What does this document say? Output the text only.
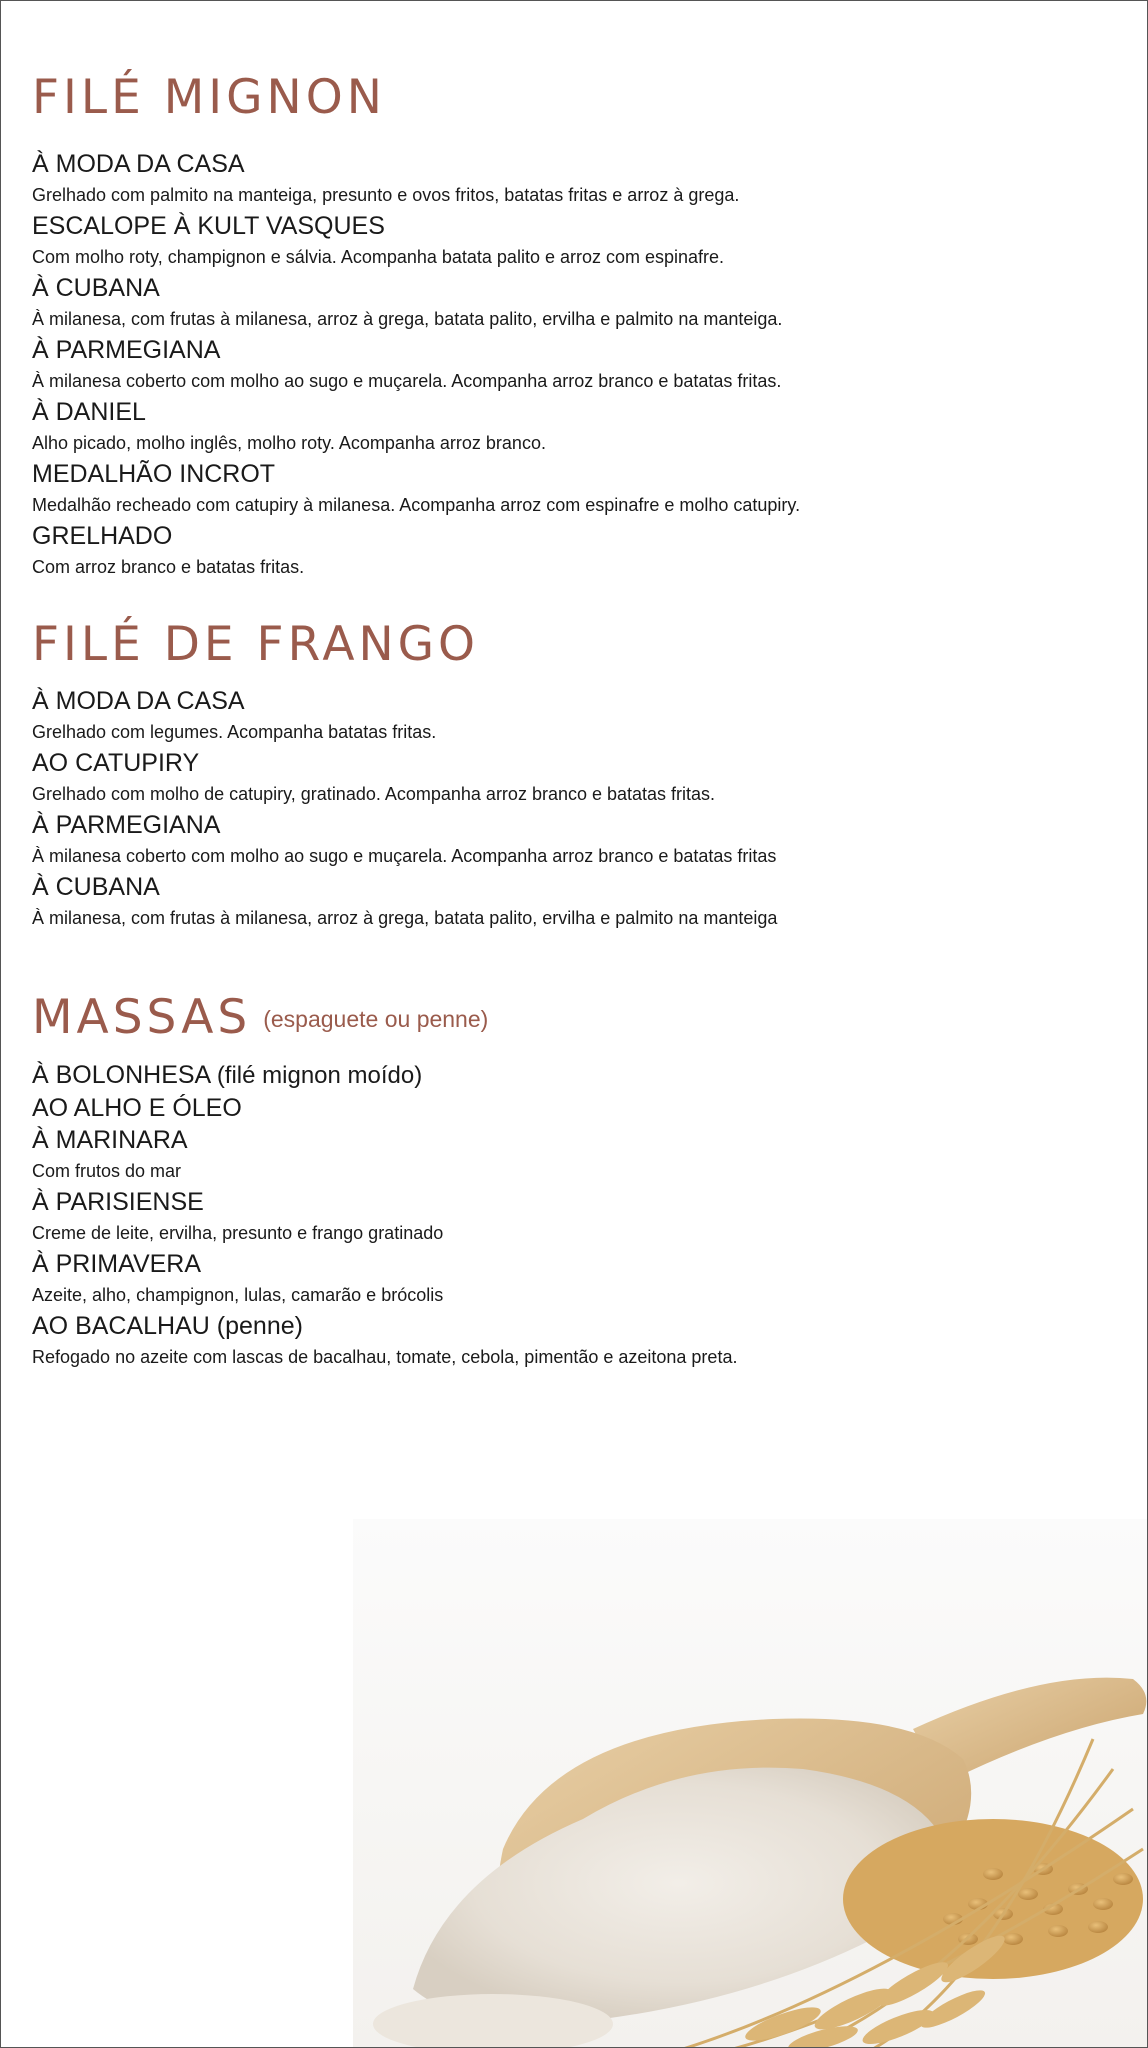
FILÉ MIGNON
À MODA DA CASA
Grelhado com palmito na manteiga, presunto e ovos fritos, batatas fritas e arroz à grega.
ESCALOPE À KULT VASQUES
Com molho roty, champignon e sálvia. Acompanha batata palito e arroz com espinafre.
À CUBANA
À milanesa, com frutas à milanesa, arroz à grega, batata palito, ervilha e palmito na manteiga.
À PARMEGIANA
À milanesa coberto com molho ao sugo e muçarela. Acompanha arroz branco e batatas fritas.
À DANIEL
Alho picado, molho inglês, molho roty. Acompanha arroz branco.
MEDALHÃO INCROT
Medalhão recheado com catupiry à milanesa. Acompanha arroz com espinafre e molho catupiry.
GRELHADO
Com arroz branco e batatas fritas.
FILÉ DE FRANGO
À MODA DA CASA
Grelhado com legumes. Acompanha batatas fritas.
AO CATUPIRY
Grelhado com molho de catupiry, gratinado. Acompanha arroz branco e batatas fritas.
À PARMEGIANA
À milanesa coberto com molho ao sugo e muçarela. Acompanha arroz branco e batatas fritas
À CUBANA
À milanesa, com frutas à milanesa, arroz à grega, batata palito, ervilha e palmito na manteiga
MASSAS (espaguete ou penne)
À BOLONHESA (filé mignon moído)
AO ALHO E ÓLEO
À MARINARA
Com frutos do mar
À PARISIENSE
Creme de leite, ervilha, presunto e frango gratinado
À PRIMAVERA
Azeite, alho, champignon, lulas, camarão e brócolis
AO BACALHAU (penne)
Refogado no azeite com lascas de bacalhau, tomate, cebola, pimentão e azeitona preta.
